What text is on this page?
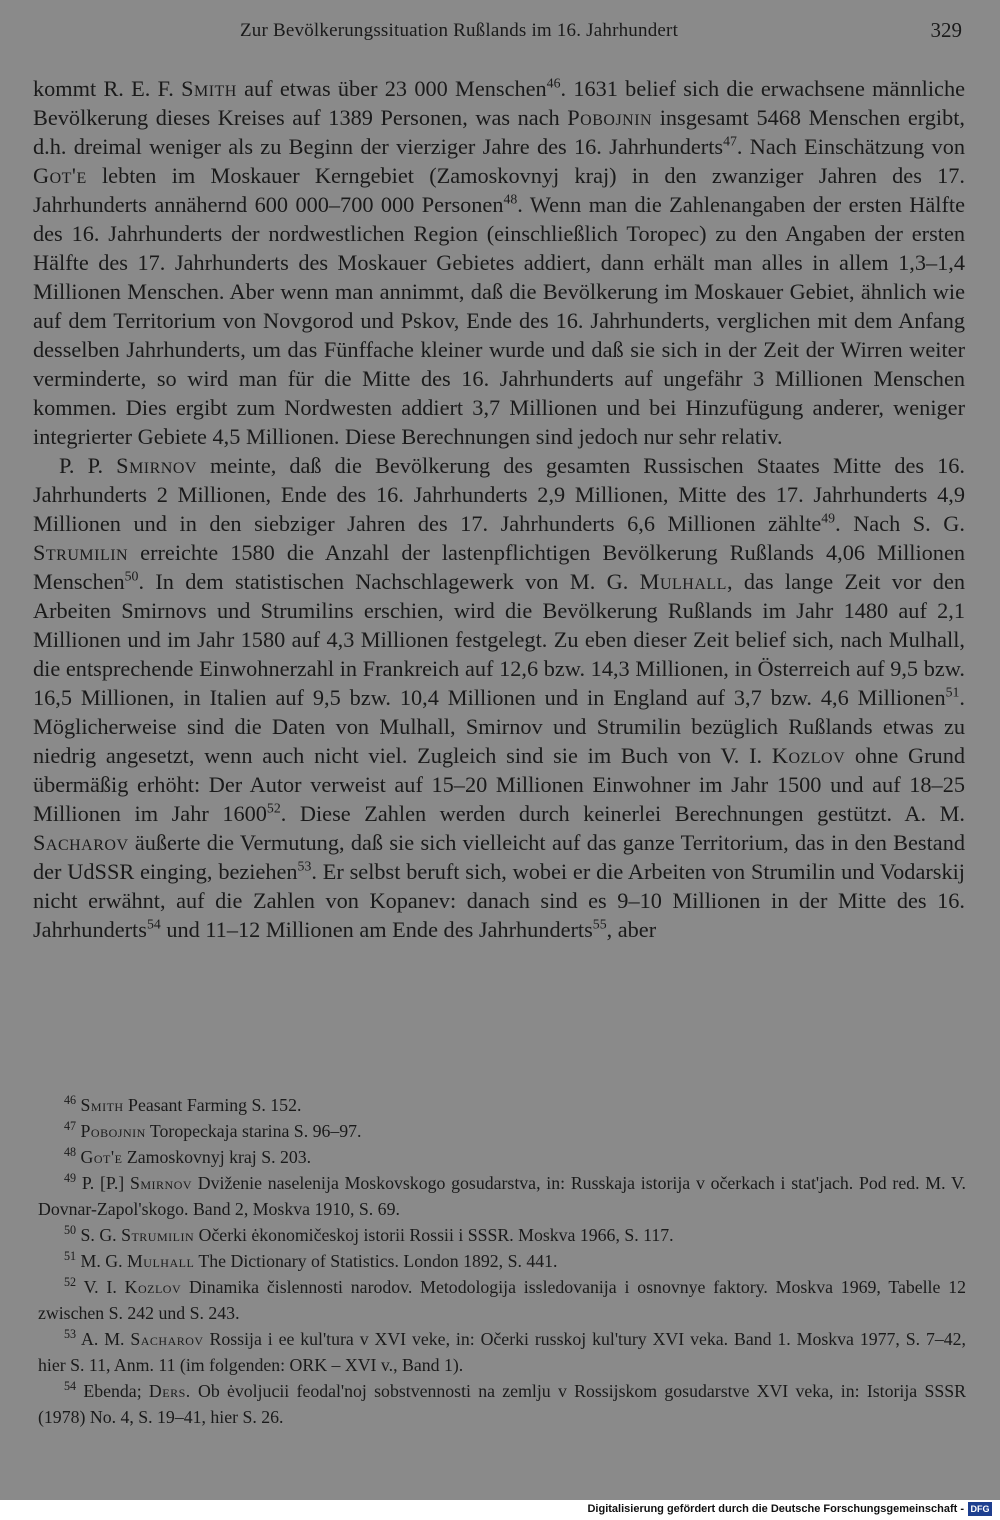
Zur Bevölkerungssituation Rußlands im 16. Jahrhundert	329

kommt R. E. F. Smith auf etwas über 23 000 Menschen$^{46}$. 1631 belief sich die erwachsene männliche Bevölkerung dieses Kreises auf 1389 Personen, was nach Pobojnin insgesamt 5468 Menschen ergibt, d.h. dreimal weniger als zu Beginn der vierziger Jahre des 16. Jahrhunderts$^{47}$. Nach Einschätzung von Got'e lebten im Moskauer Kerngebiet (Zamoskovnyj kraj) in den zwanziger Jahren des 17. Jahrhunderts annähernd 600 000–700 000 Personen$^{48}$. Wenn man die Zahlenangaben der ersten Hälfte des 16. Jahrhunderts der nordwestlichen Region (einschließlich Toropec) zu den Angaben der ersten Hälfte des 17. Jahrhunderts des Moskauer Gebietes addiert, dann erhält man alles in allem 1,3–1,4 Millionen Menschen. Aber wenn man annimmt, daß die Bevölkerung im Moskauer Gebiet, ähnlich wie auf dem Territorium von Novgorod und Pskov, Ende des 16. Jahrhunderts, verglichen mit dem Anfang desselben Jahrhunderts, um das Fünffache kleiner wurde und daß sie sich in der Zeit der Wirren weiter verminderte, so wird man für die Mitte des 16. Jahrhunderts auf ungefähr 3 Millionen Menschen kommen. Dies ergibt zum Nordwesten addiert 3,7 Millionen und bei Hinzufügung anderer, weniger integrierter Gebiete 4,5 Millionen. Diese Berechnungen sind jedoch nur sehr relativ.

P. P. Smirnov meinte, daß die Bevölkerung des gesamten Russischen Staates Mitte des 16. Jahrhunderts 2 Millionen, Ende des 16. Jahrhunderts 2,9 Millionen, Mitte des 17. Jahrhunderts 4,9 Millionen und in den siebziger Jahren des 17. Jahrhunderts 6,6 Millionen zählte$^{49}$. Nach S. G. Strumilin erreichte 1580 die Anzahl der lastenpflichtigen Bevölkerung Rußlands 4,06 Millionen Menschen$^{50}$. In dem statistischen Nachschlagewerk von M. G. Mulhall, das lange Zeit vor den Arbeiten Smirnovs und Strumilins erschien, wird die Bevölkerung Rußlands im Jahr 1480 auf 2,1 Millionen und im Jahr 1580 auf 4,3 Millionen festgelegt. Zu eben dieser Zeit belief sich, nach Mulhall, die entsprechende Einwohnerzahl in Frankreich auf 12,6 bzw. 14,3 Millionen, in Österreich auf 9,5 bzw. 16,5 Millionen, in Italien auf 9,5 bzw. 10,4 Millionen und in England auf 3,7 bzw. 4,6 Millionen$^{51}$. Möglicherweise sind die Daten von Mulhall, Smirnov und Strumilin bezüglich Rußlands etwas zu niedrig angesetzt, wenn auch nicht viel. Zugleich sind sie im Buch von V. I. Kozlov ohne Grund übermäßig erhöht: Der Autor verweist auf 15–20 Millionen Einwohner im Jahr 1500 und auf 18–25 Millionen im Jahr 1600$^{52}$. Diese Zahlen werden durch keinerlei Berechnungen gestützt. A. M. Sacharov äußerte die Vermutung, daß sie sich vielleicht auf das ganze Territorium, das in den Bestand der UdSSR einging, beziehen$^{53}$. Er selbst beruft sich, wobei er die Arbeiten von Strumilin und Vodarskij nicht erwähnt, auf die Zahlen von Kopanev: danach sind es 9–10 Millionen in der Mitte des 16. Jahrhunderts$^{54}$ und 11–12 Millionen am Ende des Jahrhunderts$^{55}$, aber

$^{46}$ Smith Peasant Farming S. 152.

$^{47}$ Pobojnin Toropeckaja starina S. 96–97.

$^{48}$ Got'e Zamoskovnyj kraj S. 203.

$^{49}$ P. [P.] Smirnov Dviženie naselenija Moskovskogo gosudarstva, in: Russkaja istorija v očerkach i stat'jach. Pod red. M. V. Dovnar-Zapol'skogo. Band 2, Moskva 1910, S. 69.

$^{50}$ S. G. Strumilin Očerki ėkonomičeskoj istorii Rossii i SSSR. Moskva 1966, S. 117.

$^{51}$ M. G. Mulhall The Dictionary of Statistics. London 1892, S. 441.

$^{52}$ V. I. Kozlov Dinamika čislennosti narodov. Metodologija issledovanija i osnovnye faktory. Moskva 1969, Tabelle 12 zwischen S. 242 und S. 243.

$^{53}$ A. M. Sacharov Rossija i ee kul'tura v XVI veke, in: Očerki russkoj kul'tury XVI veka. Band 1. Moskva 1977, S. 7–42, hier S. 11, Anm. 11 (im folgenden: ORK – XVI v., Band 1).

$^{54}$ Ebenda; Ders. Ob ėvoljucii feodal'noj sobstvennosti na zemlju v Rossijskom gosudarstve XVI veka, in: Istorija SSSR (1978) No. 4, S. 19–41, hier S. 26.

Digitalisierung gefördert durch die Deutsche Forschungsgemeinschaft - DFG
